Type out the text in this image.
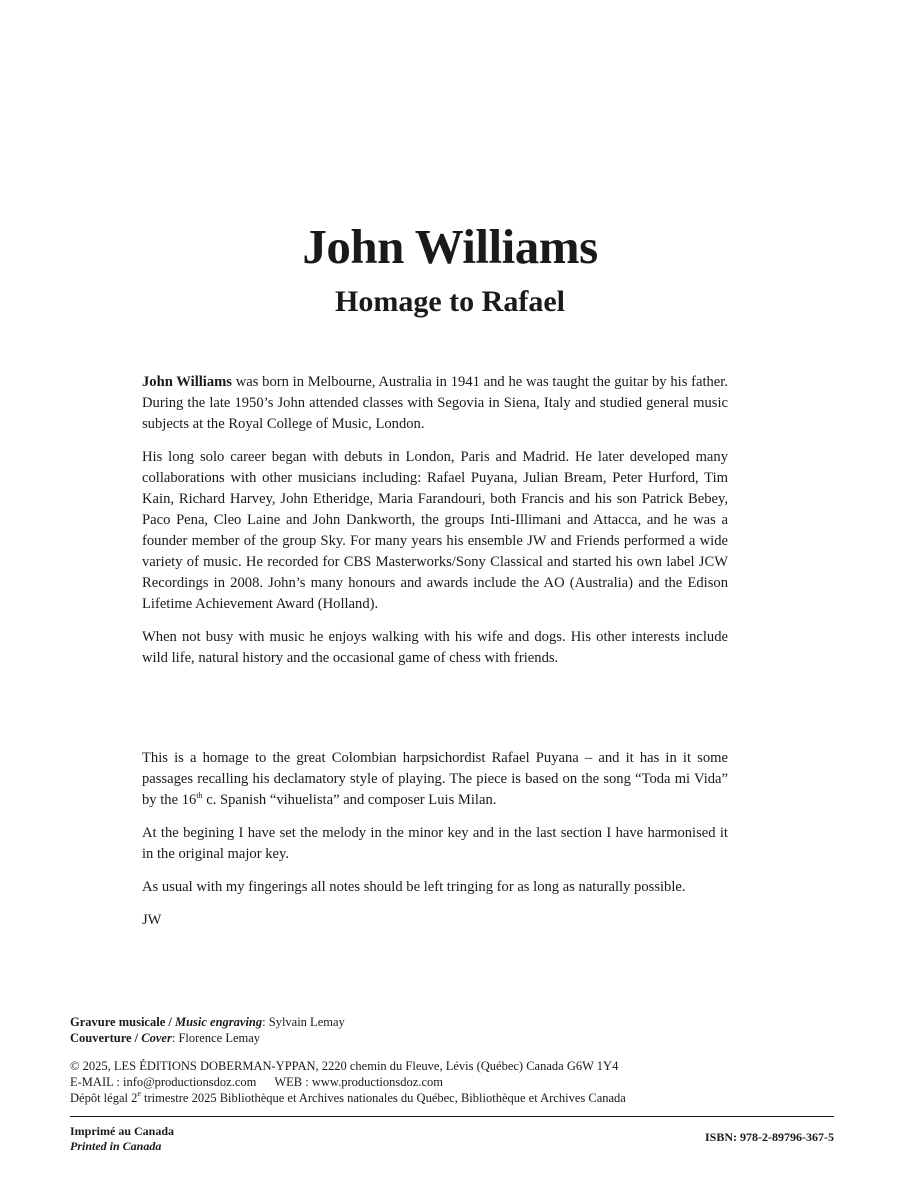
John Williams
Homage to Rafael

John Williams was born in Melbourne, Australia in 1941 and he was taught the guitar by his father. During the late 1950’s John attended classes with Segovia in Siena, Italy and studied general music subjects at the Royal College of Music, London.

His long solo career began with debuts in London, Paris and Madrid. He later developed many collaborations with other musicians including: Rafael Puyana, Julian Bream, Peter Hurford, Tim Kain, Richard Harvey, John Etheridge, Maria Farandouri, both Francis and his son Patrick Bebey, Paco Pena, Cleo Laine and John Dankworth, the groups Inti-Illimani and Attacca, and he was a founder member of the group Sky. For many years his ensemble JW and Friends performed a wide variety of music. He recorded for CBS Masterworks/Sony Classical and started his own label JCW Recordings in 2008. John’s many honours and awards include the AO (Australia) and the Edison Lifetime Achievement Award (Holland).

When not busy with music he enjoys walking with his wife and dogs. His other interests include wild life, natural history and the occasional game of chess with friends.

This is a homage to the great Colombian harpsichordist Rafael Puyana – and it has in it some passages recalling his declamatory style of playing. The piece is based on the song “Toda mi Vida” by the 16th c. Spanish “vihuelista” and composer Luis Milan.

At the begining I have set the melody in the minor key and in the last section I have harmonised it in the original major key.

As usual with my fingerings all notes should be left tringing for as long as naturally possible.

JW

Gravure musicale / Music engraving: Sylvain Lemay
Couverture / Cover: Florence Lemay
© 2025, LES ÉDITIONS DOBERMAN-YPPAN, 2220 chemin du Fleuve, Lévis (Québec) Canada G6W 1Y4
E-MAIL : info@productionsdoz.com WEB : www.productionsdoz.com
Dépôt légal 2e trimestre 2025 Bibliothèque et Archives nationales du Québec, Bibliothèque et Archives Canada
Imprimé au Canada
Printed in Canada
ISBN: 978-2-89796-367-5
